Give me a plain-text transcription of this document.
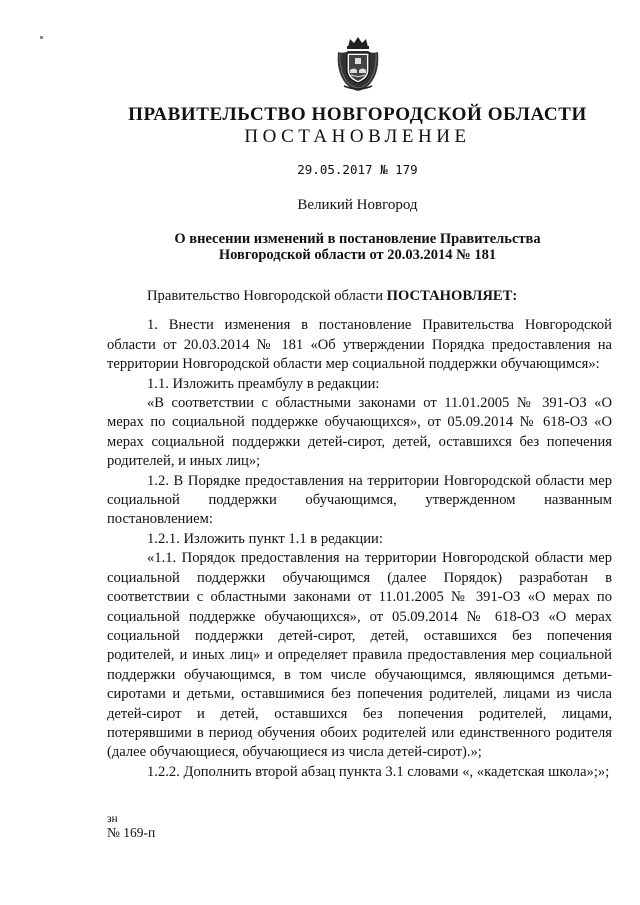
ПРАВИТЕЛЬСТВО НОВГОРОДСКОЙ ОБЛАСТИ
ПОСТАНОВЛЕНИЕ
29.05.2017 № 179
Великий Новгород
О внесении изменений в постановление Правительства
Новгородской области от 20.03.2014 № 181

Правительство Новгородской области ПОСТАНОВЛЯЕТ:

1. Внести изменения в постановление Правительства Новгородской области от 20.03.2014 № 181 «Об утверждении Порядка предоставления на территории Новгородской области мер социальной поддержки обучающимся»:

1.1. Изложить преамбулу в редакции:

«В соответствии с областными законами от 11.01.2005 № 391-ОЗ «О мерах по социальной поддержке обучающихся», от 05.09.2014 № 618-ОЗ «О мерах социальной поддержки детей-сирот, детей, оставшихся без попечения родителей, и иных лиц»;

1.2. В Порядке предоставления на территории Новгородской области мер социальной поддержки обучающимся, утвержденном названным постановлением:

1.2.1. Изложить пункт 1.1 в редакции:

«1.1. Порядок предоставления на территории Новгородской области мер социальной поддержки обучающимся (далее Порядок) разработан в соответствии с областными законами от 11.01.2005 № 391-ОЗ «О мерах по социальной поддержке обучающихся», от 05.09.2014 № 618-ОЗ «О мерах социальной поддержки детей-сирот, детей, оставшихся без попечения родителей, и иных лиц» и определяет правила предоставления мер социальной поддержки обучающимся, в том числе обучающимся, являющимся детьми-сиротами и детьми, оставшимися без попечения родителей, лицами из числа детей-сирот и детей, оставшихся без попечения родителей, лицами, потерявшими в период обучения обоих родителей или единственного родителя (далее обучающиеся, обучающиеся из числа детей-сирот).»;

1.2.2. Дополнить второй абзац пункта 3.1 словами «, «кадетская школа»;»;

зн
№ 169-п
